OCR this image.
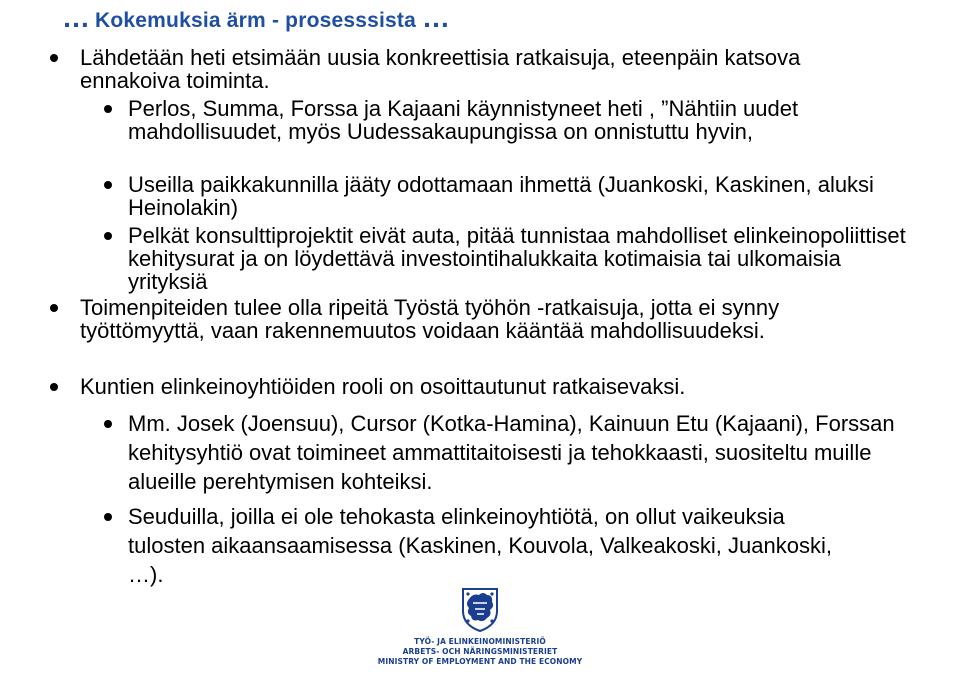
… Kokemuksia ärm - prosesssista …
Lähdetään heti etsimään uusia konkreettisia ratkaisuja, eteenpäin katsova ennakoiva toiminta.
Perlos, Summa, Forssa ja Kajaani käynnistyneet heti , ”Nähtiin uudet mahdollisuudet, myös Uudessakaupungissa on onnistuttu hyvin,
Useilla paikkakunnilla jääty odottamaan ihmettä (Juankoski, Kaskinen, aluksi Heinolakin)
Pelkät konsulttiprojektit eivät auta, pitää tunnistaa mahdolliset elinkeinopoliittiset kehitysurat ja on löydettävä investointihalukkaita kotimaisia tai ulkomaisia yrityksiä
Toimenpiteiden tulee olla ripeitä Työstä työhön -ratkaisuja, jotta ei synny työttömyyttä, vaan rakennemuutos voidaan kääntää mahdollisuudeksi.
Kuntien elinkeinoyhtiöiden rooli on osoittautunut ratkaisevaksi.
Mm. Josek (Joensuu), Cursor (Kotka-Hamina), Kainuun Etu (Kajaani), Forssan kehitysyhtiö ovat toimineet ammattitaitoisesti ja tehokkaasti, suositeltu muille alueille perehtymisen kohteiksi.
Seuduilla, joilla ei ole tehokasta elinkeinoyhtiötä, on ollut vaikeuksia tulosten aikaansaamisessa (Kaskinen, Kouvola, Valkeakoski, Juankoski, …).
TYÖ- JA ELINKEINOMINISTERIÖ
ARBETS- OCH NÄRINGSMINISTERIET
MINISTRY OF EMPLOYMENT AND THE ECONOMY
